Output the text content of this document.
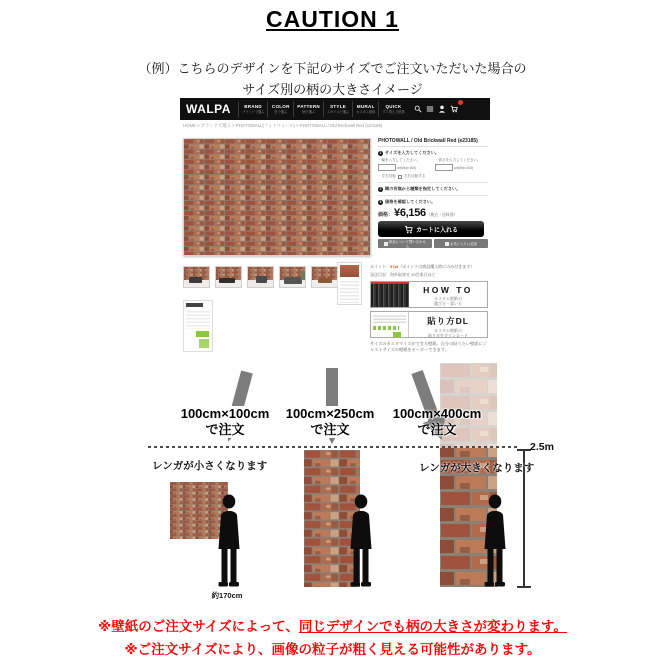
CAUTION 1
（例）こちらのデザインを下記のサイズでご注文いただいた場合の
サイズ別の柄の大きさイメージ
WALPA	BRAND
ブランドで選ぶ
COLOR
色で選ぶ
PATTERN
柄で選ぶ
STYLE
スタイルで選ぶ
MURAL
カスタム壁紙
QUICK
すぐ買える壁紙
HOME > ブランドで選ぶ > PHOTOWALL(フォトウォール) > PHOTOWALL / Old Brickwall Red (e23185)
PHOTOWALL / Old Brickwall Red (e23185)
1 サイズを入力してください。
・幅を入力してください。
cm(Max 600)
・高さを入力してください。
cm(Max 400)
・左右反転 左右反転する
2 糊の有無から種類を指定してください。
3 価格を確認してください。
価格： ¥6,156 （税込・送料別）
カートに入れる
商品について問い合わせる
お気に入りに追加
ポイント：57pt（ポイントは商品購入時にのみ付きます）
発送目安：海外取寄せ 10営業日ほど
HOW TO
カスタム壁紙の
選び方・買い方
貼り方DL
カスタム壁紙の
貼り方をダウンロード
サイズのカスタマイズができる壁紙。自分の貼りたい壁面にジャストサイズの壁紙をオーダーできます。
100cm×100cm
で注文
100cm×250cm
で注文
100cm×400cm
で注文
レンガが小さくなります	レンガが大きくなります
約170cm
2.5m
※壁紙のご注文サイズによって、同じデザインでも柄の大きさが変わります。
※ご注文サイズにより、画像の粒子が粗く見える可能性があります。
